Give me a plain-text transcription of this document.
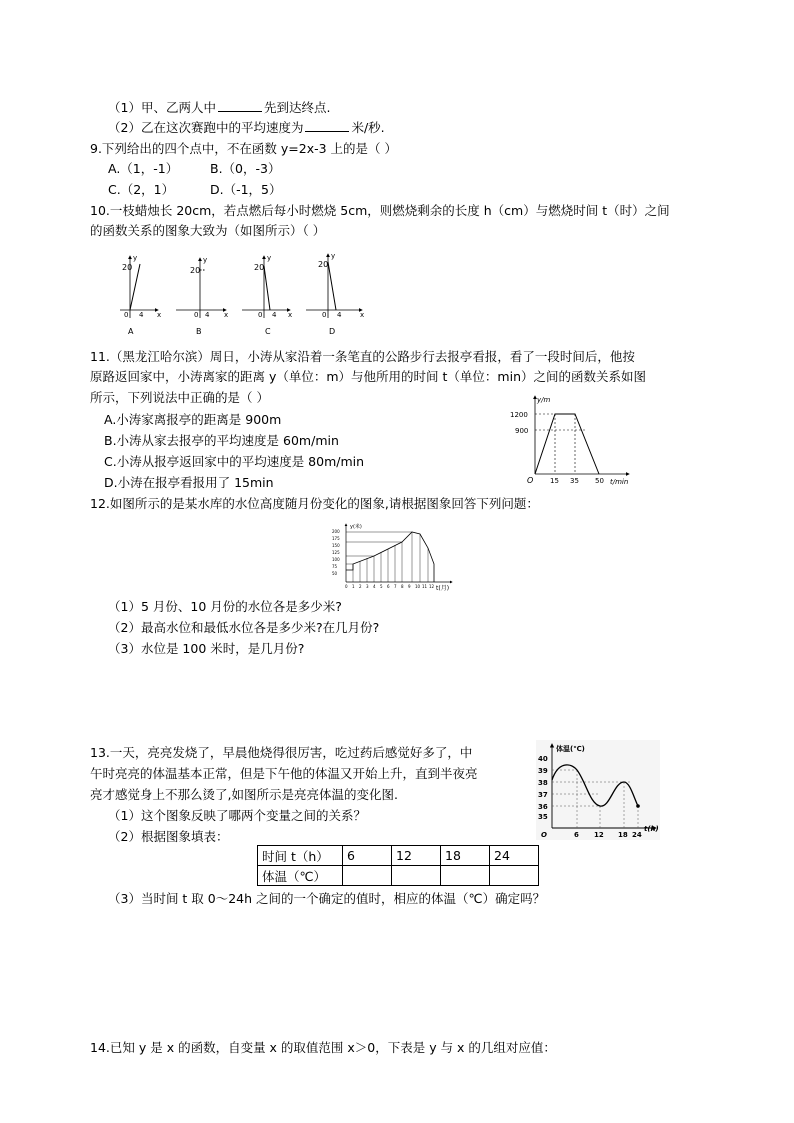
（1）甲、乙两人中	先到达终点.
（2）乙在这次赛跑中的平均速度为	米/秒.
9.下列给出的四个点中，不在函数 y=2x-3 上的是（ ）
A.（1，-1）	B.（0，-3）
C.（2，1）	D.（-1，5）
10.一枝蜡烛长 20cm，若点燃后每小时燃烧 5cm，则燃烧剩余的长度 h（cm）与燃烧时间 t（时）之间
的函数关系的图象大致为（如图所示）（ ）
y
20
0 4 x
A
y
20
0 4 x
B
y
20
0 4 x
C
y
20
0 4	x
D
11.（黑龙江哈尔滨）周日，小涛从家沿着一条笔直的公路步行去报亭看报，看了一段时间后，他按
原路返回家中，小涛离家的距离 y（单位：m）与他所用的时间 t（单位：min）之间的函数关系如图
所示，下列说法中正确的是（ ）
A.小涛家离报亭的距离是 900m
B.小涛从家去报亭的平均速度是 60m/min
C.小涛从报亭返回家中的平均速度是 80m/min
D.小涛在报亭看报用了 15min
y/m
1200
900
O 15 35 50 t/min
12.如图所示的是某水库的水位高度随月份变化的图象,请根据图象回答下列问题：
y(米)
200
175
150
125
100
75
50
0 1 2 3 4 5 6 7 8 9 10 11 12 t(月)
（1）5 月份、10 月份的水位各是多少米?
（2）最高水位和最低水位各是多少米?在几月份?
（3）水位是 100 米时，是几月份?
13.一天，亮亮发烧了，早晨他烧得很厉害，吃过药后感觉好多了，中
午时亮亮的体温基本正常，但是下午他的体温又开始上升，直到半夜亮
亮才感觉身上不那么烫了,如图所示是亮亮体温的变化图.
（1）这个图象反映了哪两个变量之间的关系？
（2）根据图象填表：
体温(℃)
40
39
38
37
36
35
O	6 12 18 24
t(h)
时间 t（h）	6	12	18	24
体温（℃）				
（3）当时间 t 取 0～24h 之间的一个确定的值时，相应的体温（℃）确定吗？
14.已知 y 是 x 的函数，自变量 x 的取值范围 x＞0，下表是 y 与 x 的几组对应值：
